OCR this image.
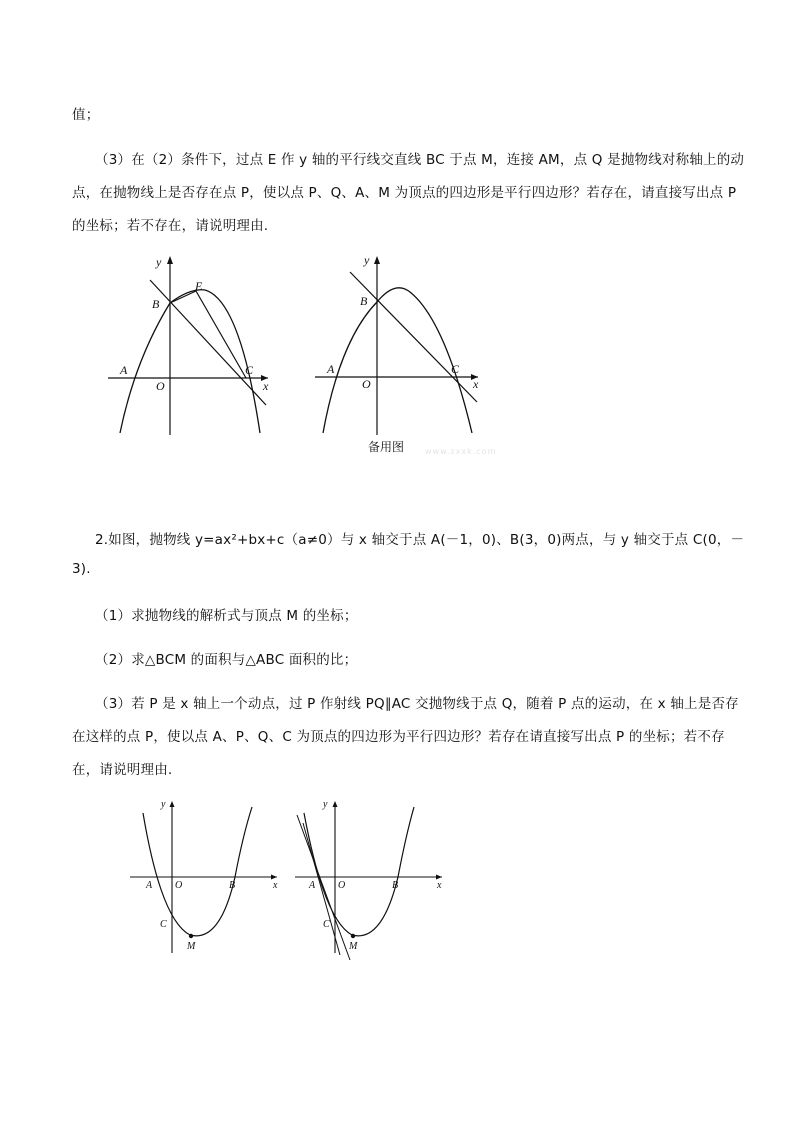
值；
（3）在（2）条件下，过点 E 作 y 轴的平行线交直线 BC 于点 M，连接 AM，点 Q 是抛物线对称轴上的动
点，在抛物线上是否存在点 P，使以点 P、Q、A、M 为顶点的四边形是平行四边形？若存在，请直接写出点 P
的坐标；若不存在，请说明理由.
y
x
A
B
C
E
O
y
x
A
B
C
O
备用图	www.zxxk.com
2.如图，抛物线 y=ax²+bx+c（a≠0）与 x 轴交于点 A(－1，0)、B(3，0)两点，与 y 轴交于点 C(0，－
3).
（1）求抛物线的解析式与顶点 M 的坐标；
（2）求△BCM 的面积与△ABC 面积的比；
（3）若 P 是 x 轴上一个动点，过 P 作射线 PQ∥AC 交抛物线于点 Q，随着 P 点的运动，在 x 轴上是否存
在这样的点 P，使以点 A、P、Q、C 为顶点的四边形为平行四边形？若存在请直接写出点 P 的坐标；若不存
在，请说明理由.
y
x
A O	B
C
M
y
x
A O	B
C
M
